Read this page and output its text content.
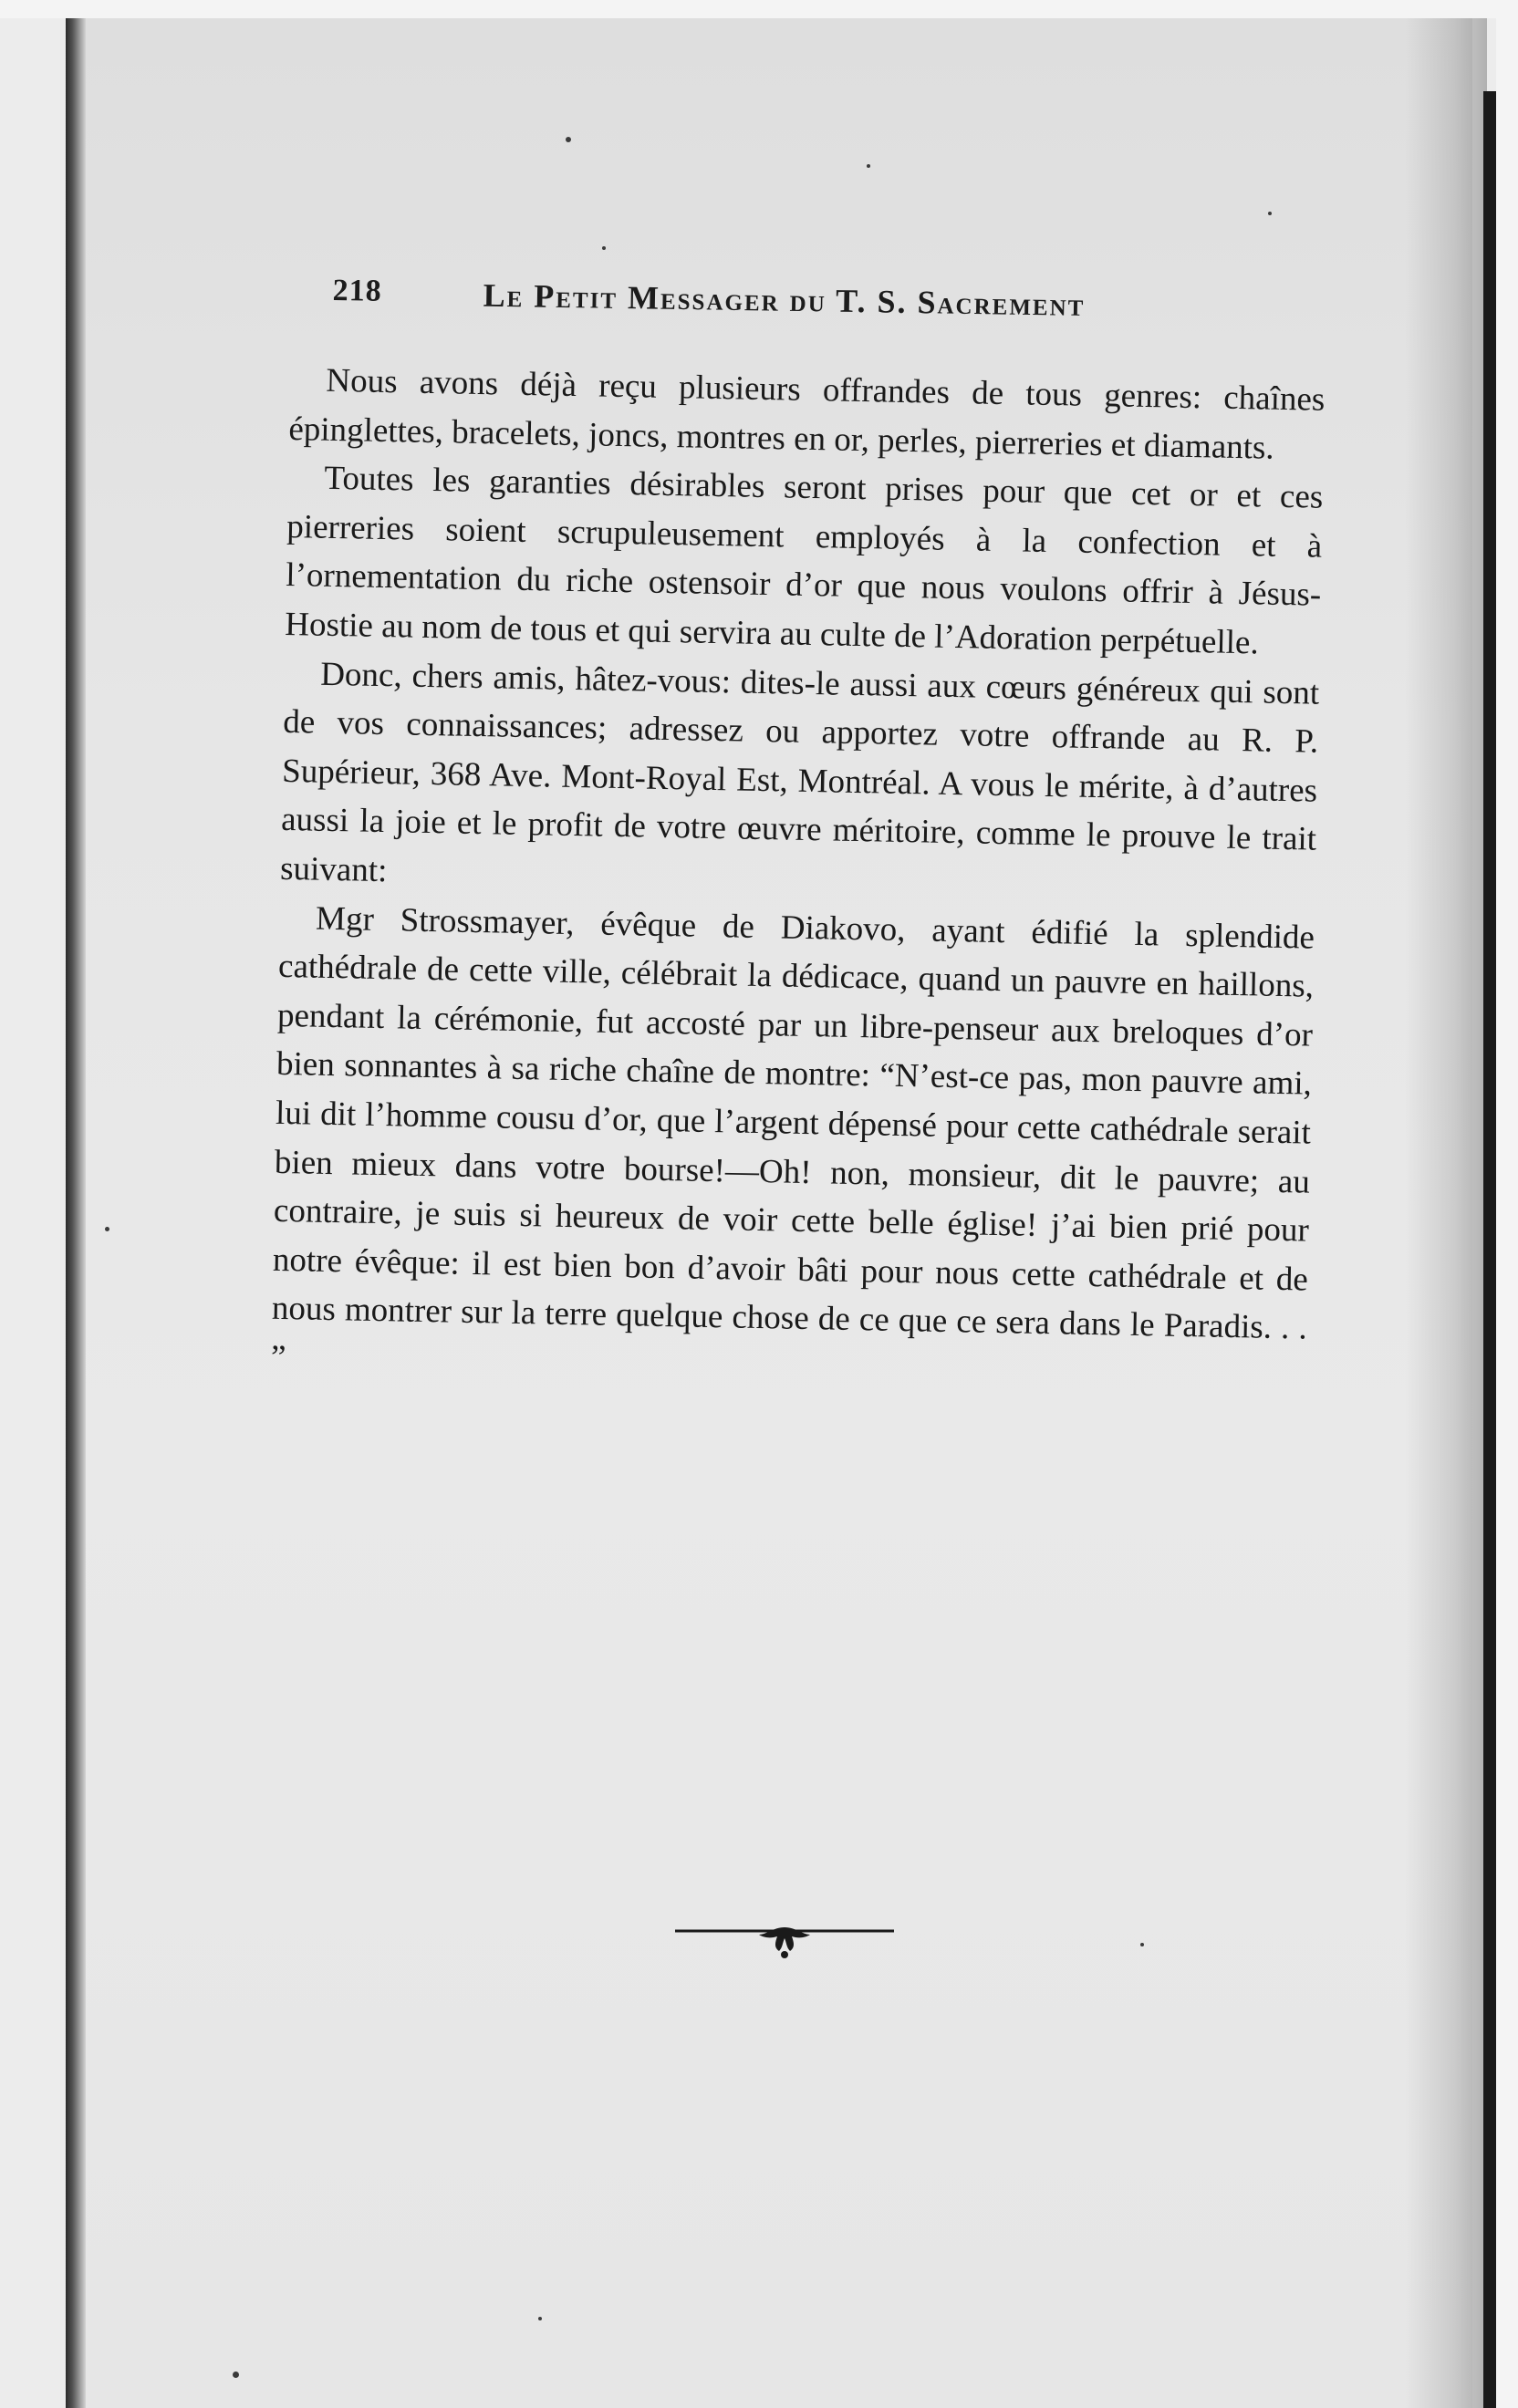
218	Le Petit Messager du T. S. Sacrement

Nous avons déjà reçu plusieurs offrandes de tous genres: chaînes épinglettes, bracelets, joncs, montres en or, perles, pierreries et diamants.

Toutes les garanties désirables seront prises pour que cet or et ces pierreries soient scrupuleusement employés à la confection et à l’ornementation du riche ostensoir d’or que nous voulons offrir à Jésus-Hostie au nom de tous et qui servira au culte de l’Adoration perpétuelle.

Donc, chers amis, hâtez-vous: dites-le aussi aux cœurs généreux qui sont de vos connaissances; adressez ou apportez votre offrande au R. P. Supérieur, 368 Ave. Mont-Royal Est, Montréal. A vous le mérite, à d’autres aussi la joie et le profit de votre œuvre méritoire, comme le prouve le trait suivant:

Mgr Strossmayer, évêque de Diakovo, ayant édifié la splendide cathédrale de cette ville, célébrait la dédicace, quand un pauvre en haillons, pendant la cérémonie, fut accosté par un libre-penseur aux breloques d’or bien sonnantes à sa riche chaîne de montre: “N’est-ce pas, mon pauvre ami, lui dit l’homme cousu d’or, que l’argent dépensé pour cette cathédrale serait bien mieux dans votre bourse!—Oh! non, monsieur, dit le pauvre; au contraire, je suis si heureux de voir cette belle église! j’ai bien prié pour notre évêque: il est bien bon d’avoir bâti pour nous cette cathédrale et de nous montrer sur la terre quelque chose de ce que ce sera dans le Paradis. . . ”
